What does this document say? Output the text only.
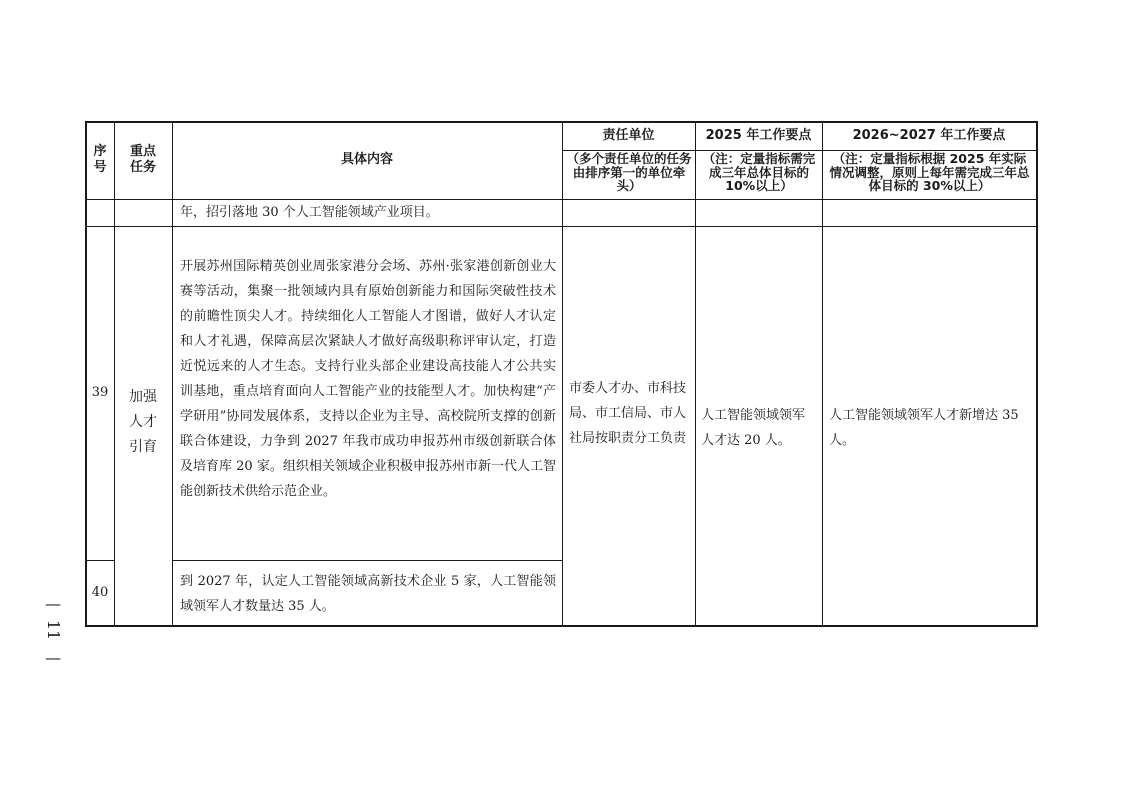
序号
重点任务
具体内容
责任单位
（多个责任单位的任务由排序第一的单位牵头）
2025 年工作要点
（注：定量指标需完成三年总体目标的 10%以上）
2026~2027 年工作要点
（注：定量指标根据 2025 年实际情况调整，原则上每年需完成三年总体目标的 30%以上）
年，招引落地 30 个人工智能领域产业项目。
39
开展苏州国际精英创业周张家港分会场、苏州·张家港创新创业大赛等活动，集聚一批领域内具有原始创新能力和国际突破性技术的前瞻性顶尖人才。持续细化人工智能人才图谱，做好人才认定和人才礼遇，保障高层次紧缺人才做好高级职称评审认定，打造近悦远来的人才生态。支持行业头部企业建设高技能人才公共实训基地，重点培育面向人工智能产业的技能型人才。加快构建“产学研用”协同发展体系，支持以企业为主导、高校院所支撑的创新联合体建设，力争到 2027 年我市成功申报苏州市级创新联合体及培育库 20 家。组织相关领域企业积极申报苏州市新一代人工智能创新技术供给示范企业。
40
到 2027 年，认定人工智能领域高新技术企业 5 家，人工智能领域领军人才数量达 35 人。
加强人才引育
市委人才办、市科技局、市工信局、市人社局按职责分工负责
人工智能领域领军人才达 20 人。
人工智能领域领军人才新增达 35 人。
—
11
—
